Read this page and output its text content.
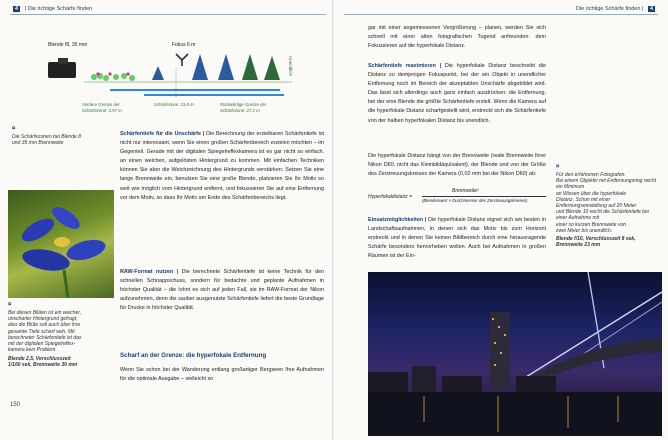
4 | Die richtige Schärfe finden
Blende f8, 35 mm	Fokus 6 m
Unendlich
Vordere Grenze der
Schärfezone: 3,57 m
Schärfezone: 23,8 m	Rückwärtige Grenze der
Schärfezone: 27,2 m
¤
Die Schärfezonen bei Blende 8
und 35 mm Brennweite
¤
Bei diesen Blüten ist ein weicher,
unscharfer Hintergrund gefragt,
also die Blüte soll auch über ihre
gesamte Tiefe scharf sein. Mit
berechneter Schärfentiefe ist das
mit der digitalen Spiegelreflex-
kamera kein Problem.
Blende 2,5, Verschlusszeit
1/160 sek, Brennweite 30 mm
Schärfentiefe für die Unschärfe | Die Berechnung der erzielbaren Schärfentiefe ist nicht nur interessant, wenn Sie einen großen Schärfenbereich erzielen möchten – im Gegenteil. Gerade mit der digitalen Spiegelreflexkamera ist es gar nicht so einfach, an einen weichen, aufgelösten Hintergrund zu kommen. Mit einfachen Techniken können Sie aber die Weichzeichnung des Hintergrunds verstärken: Setzen Sie eine lange Brennweite ein, benutzen Sie eine große Blende, platzieren Sie Ihr Motiv so weit wie möglich vom Hintergrund entfernt, und fokussieren Sie auf eine Entfernung vor dem Motiv, so dass Ihr Motiv am Ende des Schärfenbereichs liegt.
RAW-Format nutzen | Die berechnete Schärfentiefe ist keine Technik für den schnellen Schnappschuss, sondern für bedachte und geplante Aufnahmen in höchster Qualität – die lohnt es sich auf jeden Fall, sie im RAW-Format der Nikon aufzunehmen, denn die sauber ausgenutzte Schärfentiefe liefert die beste Grundlage für Drucke in höchster Qualität.
Scharf an der Grenze: die hyperfokale Entfernung
Wenn Sie schon bei der Wanderung entlang großartiger Bergseen Ihre Aufnahmen für die optimale Ausgabe – vielleicht so
150
Die richtige Schärfe finden | 4
gar mit einer angemessenen Vergrößerung – planen, werden Sie sich schnell mit einer alten fotografischen Tugend anfreunden: dem Fokussieren auf die hyperfokale Distanz.
Schärfentiefe maximieren | Die hyperfokale Distanz beschreibt die Distanz zu demjenigen Fokuspunkt, bei der ein Objekt in unendlicher Entfernung noch im Bereich der akzeptablen Unschärfe abgebildet wird. Das lässt sich allerdings auch ganz einfach ausdrücken: die Entfernung, bei der eine Blende die größte Schärfentiefe erzielt. Wenn die Kamera auf die hyperfokale Distanz scharfgestellt wird, erstreckt sich die Schärfentiefe von der halben hyperfokalen Distanz bis unendlich.
Die hyperfokale Distanz hängt von der Brennweite (reale Brennweite Ihrer Nikon D60, nicht das Kleinbildäquivalent), der Blende und von der Größe des Zerstreuungskreises der Kamera (0,02 mm bei der Nikon D60) ab:
Hyperfokaldistanz =
Brennweite²
(Blendenwert × Durchmesser des Zerstreuungskreises)
Einsatzmöglichkeiten | Die hyperfokale Distanz eignet sich am besten in Landschaftsaufnahmen, in denen sich das Motiv bis zum Horizont erstreckt und in denen Sie keinen Bildbereich durch eine herausragende Schärfe besonders hervorheben wollen. Auch bei Aufnahmen in großen Räumen ist der Ein-
¤
Für den erfahrenen Fotografen.
Bei einem Objektiv mit Entfernungsring reicht ein Minimum
an Wissen über die hyperfokale
Distanz. Schon mit einer Entfernungseinstellung auf 20 Meter
und Blende 10 reicht die Schärfentiefe bei einer Aufnahme mit
einer so kurzen Brennweite von
zwei Meter bis unendlich.
Blende f/10, Verschlusszeit 8 sek,
Brennweite 23 mm
